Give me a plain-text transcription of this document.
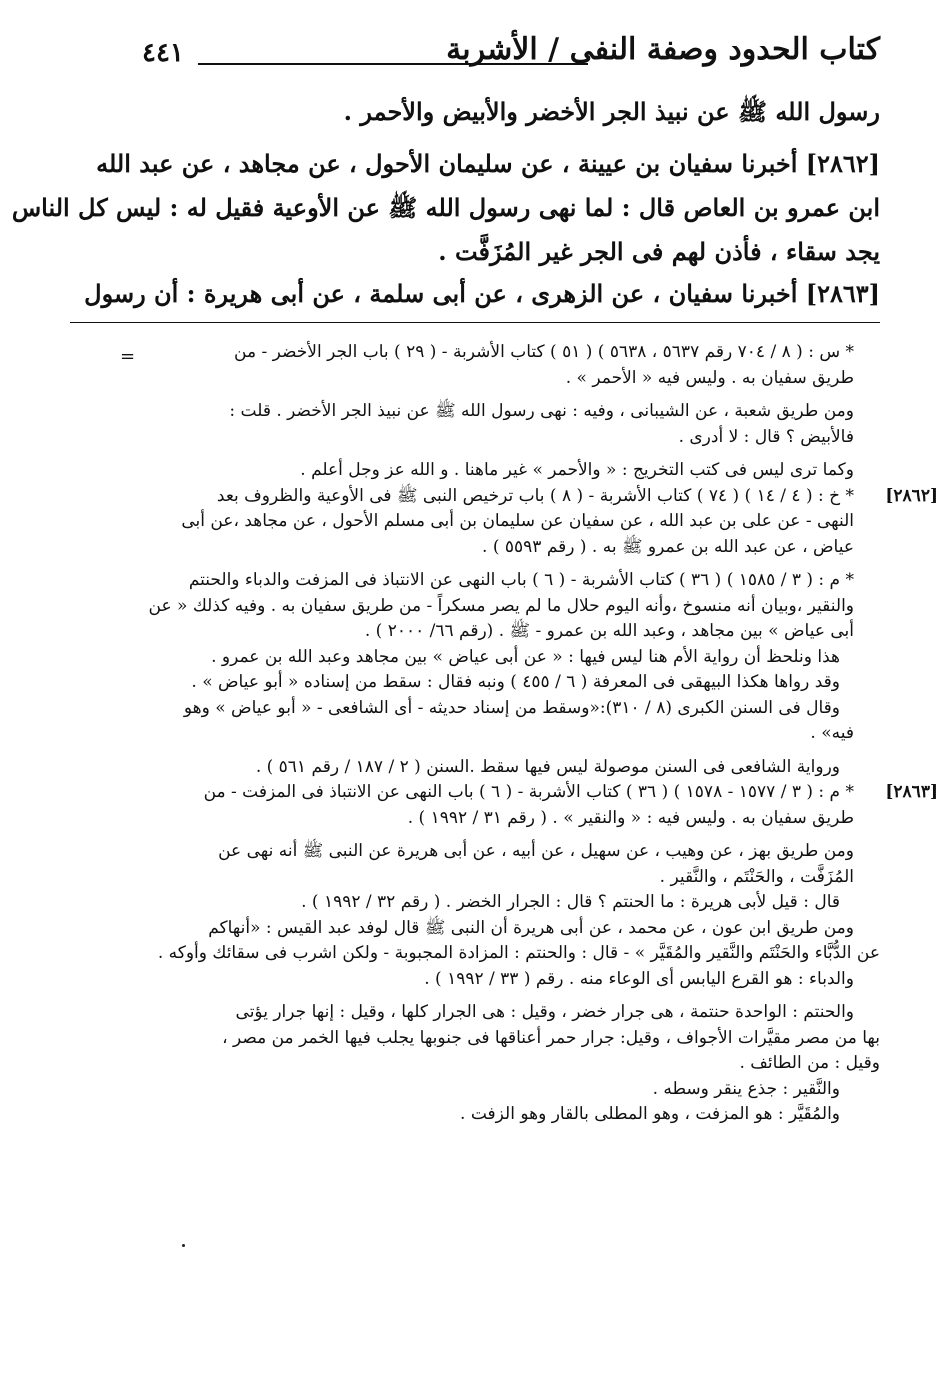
كتاب الحدود وصفة النفى / الأشربة
٤٤١
رسول الله ﷺ عن نبيذ الجر الأخضر والأبيض والأحمر .
[٢٨٦٢] أخبرنا سفيان بن عيينة ، عن سليمان الأحول ، عن مجاهد ، عن عبد الله
ابن عمرو بن العاص قال : لما نهى رسول الله ﷺ عن الأوعية فقيل له : ليس كل الناس
يجد سقاء ، فأذن لهم فى الجر غير المُزَفَّت .
[٢٨٦٣] أخبرنا سفيان ، عن الزهرى ، عن أبى سلمة ، عن أبى هريرة : أن رسول
=	* س : ( ٨ / ٧٠٤ رقم ٥٦٣٧ ، ٥٦٣٨ ) ( ٥١ ) كتاب الأشربة - ( ٢٩ ) باب الجر الأخضر - من
طريق سفيان به . وليس فيه « الأحمر » .
ومن طريق شعبة ، عن الشيبانى ، وفيه : نهى رسول الله ﷺ عن نبيذ الجر الأخضر . قلت :
فالأبيض ؟ قال : لا أدرى .
وكما ترى ليس فى كتب التخريج : « والأحمر » غير ماهنا . و الله عز وجل أعلم .
[٢٨٦٢]
* خ : ( ٤ / ١٤ ) ( ٧٤ ) كتاب الأشربة - ( ٨ ) باب ترخيص النبى ﷺ فى الأوعية والظروف بعد
النهى - عن على بن عبد الله ، عن سفيان عن سليمان بن أبى مسلم الأحول ، عن مجاهد ،عن أبى
عياض ، عن عبد الله بن عمرو ﷺ به . ( رقم ٥٥٩٣ ) .
* م : ( ٣ / ١٥٨٥ ) ( ٣٦ ) كتاب الأشربة - ( ٦ ) باب النهى عن الانتباذ فى المزفت والدباء والحنتم
والنقير ،وبيان أنه منسوخ ،وأنه اليوم حلال ما لم يصر مسكراً - من طريق سفيان به . وفيه كذلك « عن
أبى عياض » بين مجاهد ، وعبد الله بن عمرو - ﷺ . (رقم ٦٦/ ٢٠٠٠ ) .
هذا ونلحظ أن رواية الأم هنا ليس فيها : « عن أبى عياض » بين مجاهد وعبد الله بن عمرو .
وقد رواها هكذا البيهقى فى المعرفة ( ٦ / ٤٥٥ ) ونبه فقال : سقط من إسناده « أبو عياض » .
وقال فى السنن الكبرى (٨ / ٣١٠):«وسقط من إسناد حديثه - أى الشافعى - « أبو عياض » وهو
فيه» .
ورواية الشافعى فى السنن موصولة ليس فيها سقط .السنن ( ٢ / ١٨٧ / رقم ٥٦١ ) .
[٢٨٦٣]
* م : ( ٣ / ١٥٧٧ - ١٥٧٨ ) ( ٣٦ ) كتاب الأشربة - ( ٦ ) باب النهى عن الانتباذ فى المزفت - من
طريق سفيان به . وليس فيه : « والنقير » . ( رقم ٣١ / ١٩٩٢ ) .
ومن طريق بهز ، عن وهيب ، عن سهيل ، عن أبيه ، عن أبى هريرة عن النبى ﷺ أنه نهى عن
المُزَفَّت ، والحَنْتَم ، والنَّقير .
قال : قيل لأبى هريرة : ما الحنتم ؟ قال : الجرار الخضر . ( رقم ٣٢ / ١٩٩٢ ) .
ومن طريق ابن عون ، عن محمد ، عن أبى هريرة أن النبى ﷺ قال لوفد عبد القيس : «أنهاكم
عن الدُّبَّاء والحَنْتَم والنَّقير والمُقَيَّر » - قال : والحنتم : المزادة المجبوبة - ولكن اشرب فى سقائك وأوكه .
والدباء : هو القرع اليابس أى الوعاء منه . رقم ( ٣٣ / ١٩٩٢ ) .
والحنتم : الواحدة حنتمة ، هى جرار خضر ، وقيل : هى الجرار كلها ، وقيل : إنها جرار يؤتى
بها من مصر مقيَّرات الأجواف ، وقيل: جرار حمر أعناقها فى جنوبها يجلب فيها الخمر من مصر ،
وقيل : من الطائف .
والنَّقير : جذع ينقر وسطه .
والمُقَيَّر : هو المزفت ، وهو المطلى بالقار وهو الزفت .
